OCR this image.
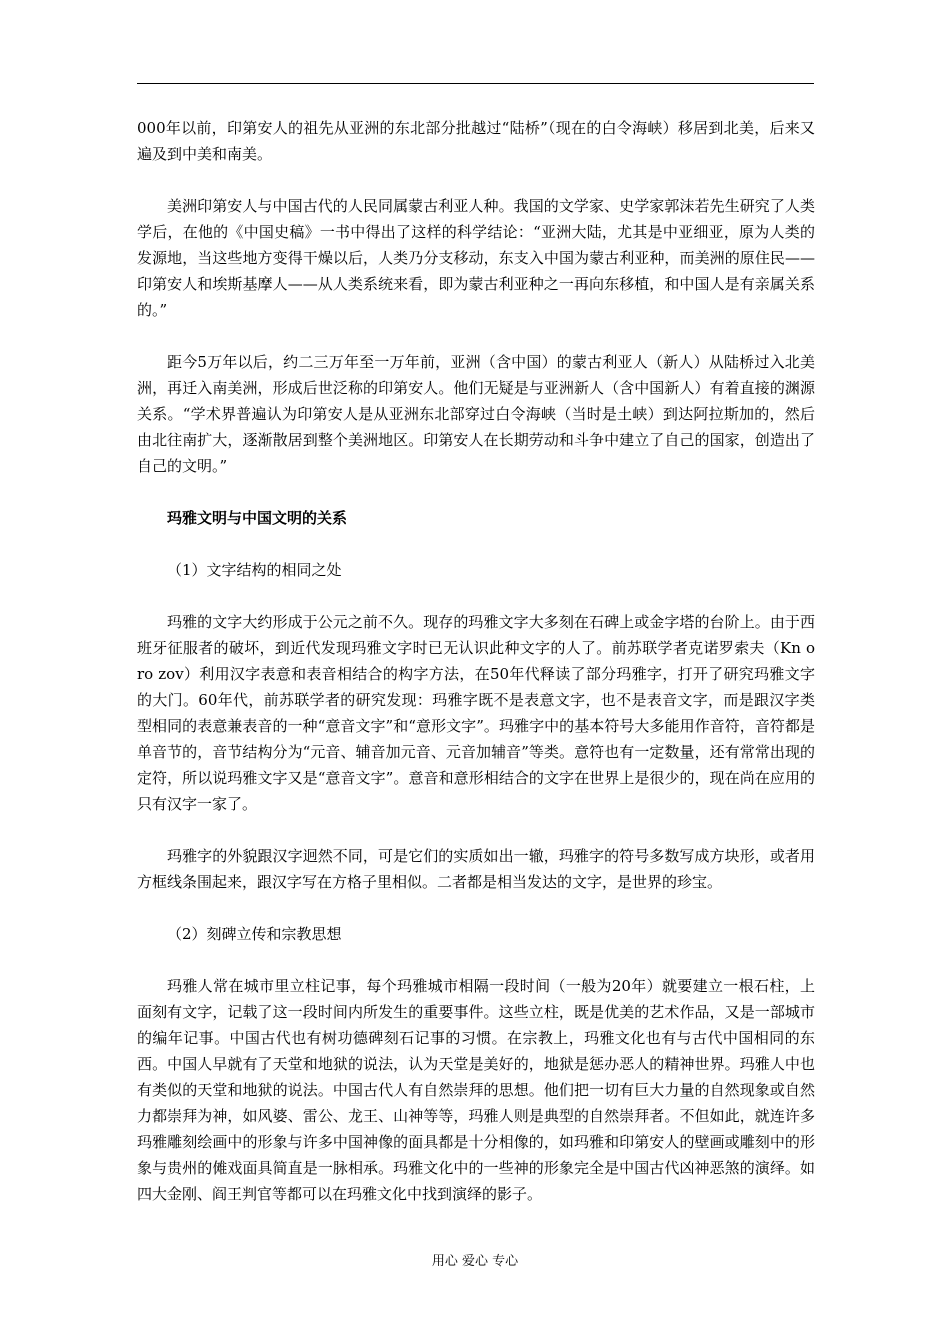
000年以前，印第安人的祖先从亚洲的东北部分批越过“陆桥”（现在的白令海峡）移居到北美，后来又遍及到中美和南美。

美洲印第安人与中国古代的人民同属蒙古利亚人种。我国的文学家、史学家郭沫若先生研究了人类学后，在他的《中国史稿》一书中得出了这样的科学结论：“亚洲大陆，尤其是中亚细亚，原为人类的发源地，当这些地方变得干燥以后，人类乃分支移动，东支入中国为蒙古利亚种，而美洲的原住民——印第安人和埃斯基摩人——从人类系统来看，即为蒙古利亚种之一再向东移植，和中国人是有亲属关系的。”

距今5万年以后，约二三万年至一万年前，亚洲（含中国）的蒙古利亚人（新人）从陆桥过入北美洲，再迁入南美洲，形成后世泛称的印第安人。他们无疑是与亚洲新人（含中国新人）有着直接的渊源关系。“学术界普遍认为印第安人是从亚洲东北部穿过白令海峡（当时是土峡）到达阿拉斯加的，然后由北往南扩大，逐渐散居到整个美洲地区。印第安人在长期劳动和斗争中建立了自己的国家，创造出了自己的文明。”

玛雅文明与中国文明的关系

（1）文字结构的相同之处

玛雅的文字大约形成于公元之前不久。现存的玛雅文字大多刻在石碑上或金字塔的台阶上。由于西班牙征服者的破坏，到近代发现玛雅文字时已无认识此种文字的人了。前苏联学者克诺罗索夫（Kn o ro zov）利用汉字表意和表音相结合的构字方法，在50年代释读了部分玛雅字，打开了研究玛雅文字的大门。60年代，前苏联学者的研究发现：玛雅字既不是表意文字，也不是表音文字，而是跟汉字类型相同的表意兼表音的一种“意音文字”和“意形文字”。玛雅字中的基本符号大多能用作音符，音符都是单音节的，音节结构分为“元音、辅音加元音、元音加辅音”等类。意符也有一定数量，还有常常出现的定符，所以说玛雅文字又是“意音文字”。意音和意形相结合的文字在世界上是很少的，现在尚在应用的只有汉字一家了。

玛雅字的外貌跟汉字迥然不同，可是它们的实质如出一辙，玛雅字的符号多数写成方块形，或者用方框线条围起来，跟汉字写在方格子里相似。二者都是相当发达的文字，是世界的珍宝。

（2）刻碑立传和宗教思想

玛雅人常在城市里立柱记事，每个玛雅城市相隔一段时间（一般为20年）就要建立一根石柱，上面刻有文字，记载了这一段时间内所发生的重要事件。这些立柱，既是优美的艺术作品，又是一部城市的编年记事。中国古代也有树功德碑刻石记事的习惯。在宗教上，玛雅文化也有与古代中国相同的东西。中国人早就有了天堂和地狱的说法，认为天堂是美好的，地狱是惩办恶人的精神世界。玛雅人中也有类似的天堂和地狱的说法。中国古代人有自然崇拜的思想。他们把一切有巨大力量的自然现象或自然力都崇拜为神，如风婆、雷公、龙王、山神等等，玛雅人则是典型的自然崇拜者。不但如此，就连许多玛雅雕刻绘画中的形象与许多中国神像的面具都是十分相像的，如玛雅和印第安人的壁画或雕刻中的形象与贵州的傩戏面具简直是一脉相承。玛雅文化中的一些神的形象完全是中国古代凶神恶煞的演绎。如四大金刚、阎王判官等都可以在玛雅文化中找到演绎的影子。

用心 爱心 专心
